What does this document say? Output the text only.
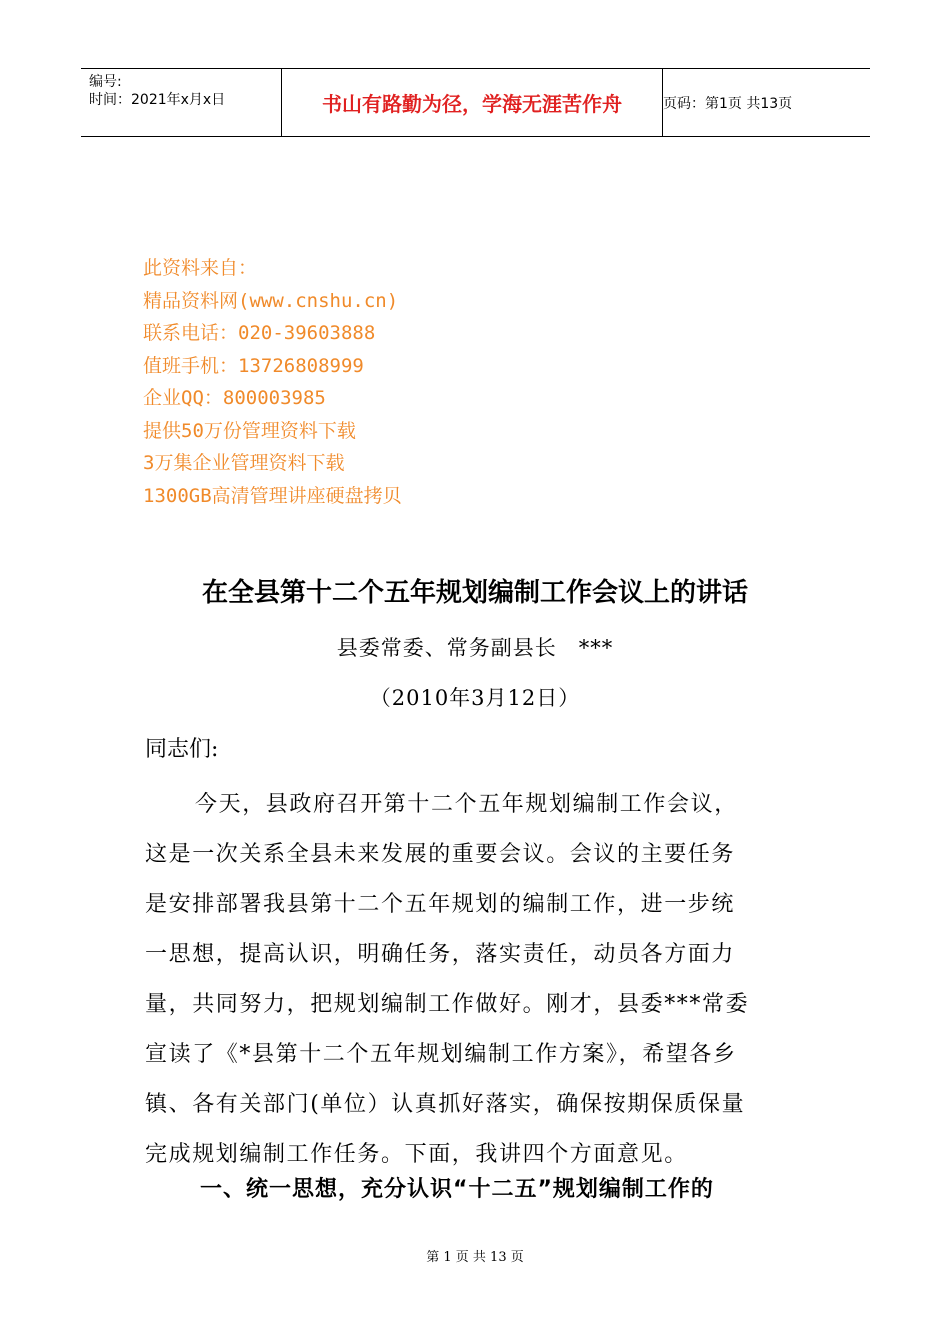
编号:
时间：2021年x月x日	书山有路勤为径，学海无涯苦作舟	页码：第1页 共13页
此资料来自：
精品资料网(www.cnshu.cn)
联系电话：020-39603888
值班手机：13726808999
企业QQ：800003985
提供50万份管理资料下载
3万集企业管理资料下载
1300GB高清管理讲座硬盘拷贝
在全县第十二个五年规划编制工作会议上的讲话
县委常委、常务副县长　***
（2010年3月12日）
同志们:
今天，县政府召开第十二个五年规划编制工作会议，
这是一次关系全县未来发展的重要会议。会议的主要任务
是安排部署我县第十二个五年规划的编制工作，进一步统
一思想，提高认识，明确任务，落实责任，动员各方面力
量，共同努力，把规划编制工作做好。刚才，县委***常委
宣读了《*县第十二个五年规划编制工作方案》，希望各乡
镇、各有关部门(单位）认真抓好落实，确保按期保质保量
完成规划编制工作任务。下面，我讲四个方面意见。
一、统一思想，充分认识“十二五”规划编制工作的
第 1 页 共 13 页
